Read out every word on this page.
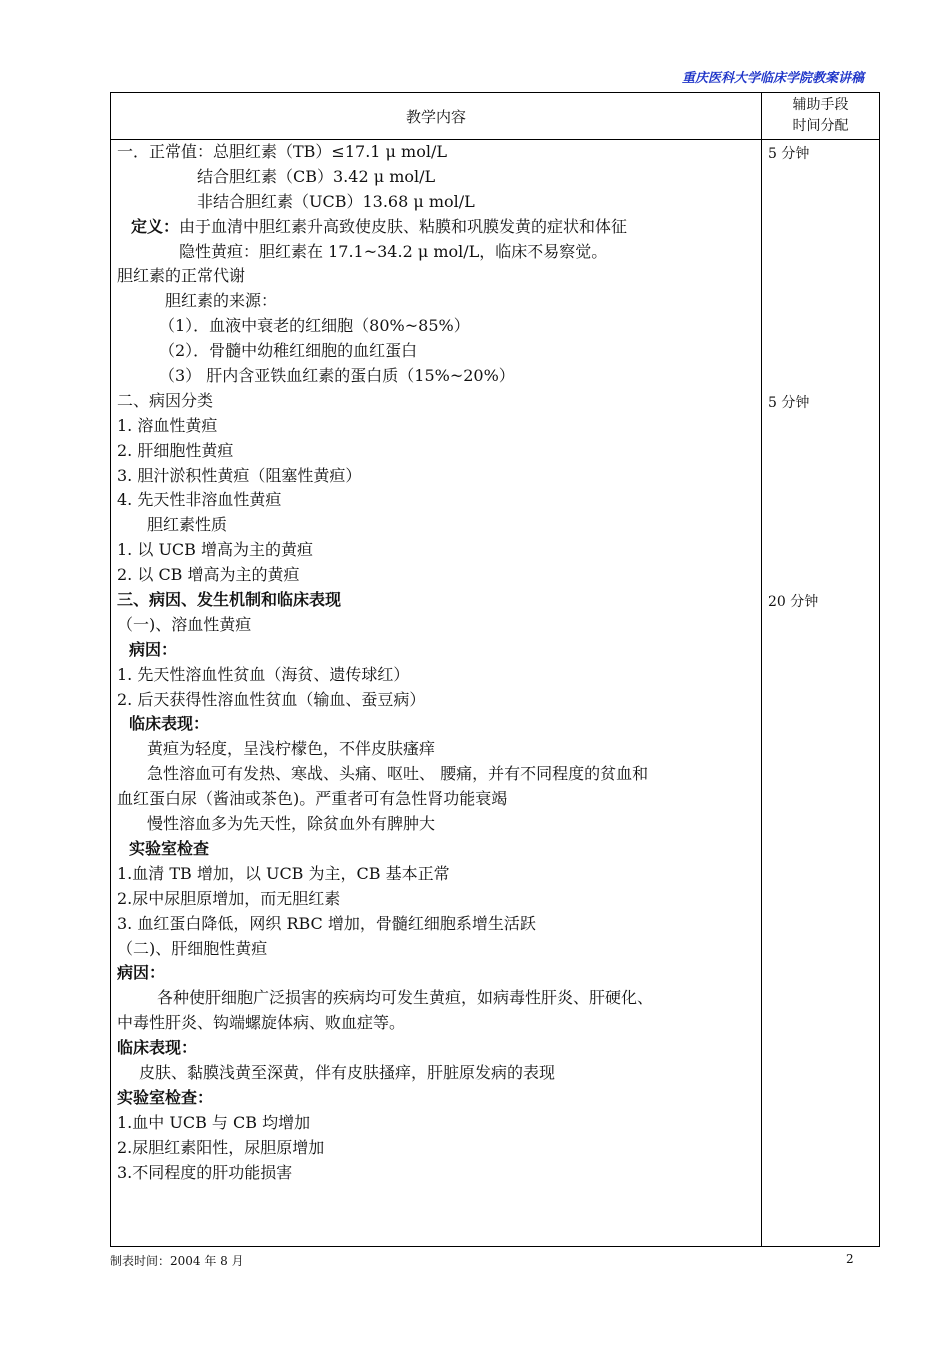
重庆医科大学临床学院教案讲稿
教学内容
辅助手段
时间分配
一．正常值：总胆红素（TB）≤17.1 μ mol/L
结合胆红素（CB）3.42 μ mol/L
非结合胆红素（UCB）13.68 μ mol/L
定义：由于血清中胆红素升高致使皮肤、粘膜和巩膜发黄的症状和体征
隐性黄疸：胆红素在 17.1~34.2 μ mol/L，临床不易察觉。
胆红素的正常代谢
胆红素的来源：
（1）．血液中衰老的红细胞（80%~85%）
（2）．骨髓中幼稚红细胞的血红蛋白
（3） 肝内含亚铁血红素的蛋白质（15%~20%）
二、病因分类
1. 溶血性黄疸
2. 肝细胞性黄疸
3. 胆汁淤积性黄疸（阻塞性黄疸）
4. 先天性非溶血性黄疸
胆红素性质
1. 以 UCB 增高为主的黄疸
2. 以 CB 增高为主的黄疸
三、病因、发生机制和临床表现
（一)、溶血性黄疸
病因：
1. 先天性溶血性贫血（海贫、遗传球红）
2. 后天获得性溶血性贫血（输血、蚕豆病）
临床表现：
黄疸为轻度，呈浅柠檬色，不伴皮肤瘙痒
急性溶血可有发热、寒战、头痛、呕吐、 腰痛，并有不同程度的贫血和
血红蛋白尿（酱油或茶色)。严重者可有急性肾功能衰竭
慢性溶血多为先天性，除贫血外有脾肿大
实验室检查
1.血清 TB 增加，以 UCB 为主，CB 基本正常
2.尿中尿胆原增加，而无胆红素
3. 血红蛋白降低，网织 RBC 增加，骨髓红细胞系增生活跃
（二)、肝细胞性黄疸
病因：
各种使肝细胞广泛损害的疾病均可发生黄疸，如病毒性肝炎、肝硬化、
中毒性肝炎、钩端螺旋体病、败血症等。
临床表现：
皮肤、黏膜浅黄至深黄，伴有皮肤搔痒，肝脏原发病的表现
实验室检查：
1.血中 UCB 与 CB 均增加
2.尿胆红素阳性，尿胆原增加
3.不同程度的肝功能损害
5 分钟
5 分钟
20 分钟
制表时间：2004 年 8 月	2
